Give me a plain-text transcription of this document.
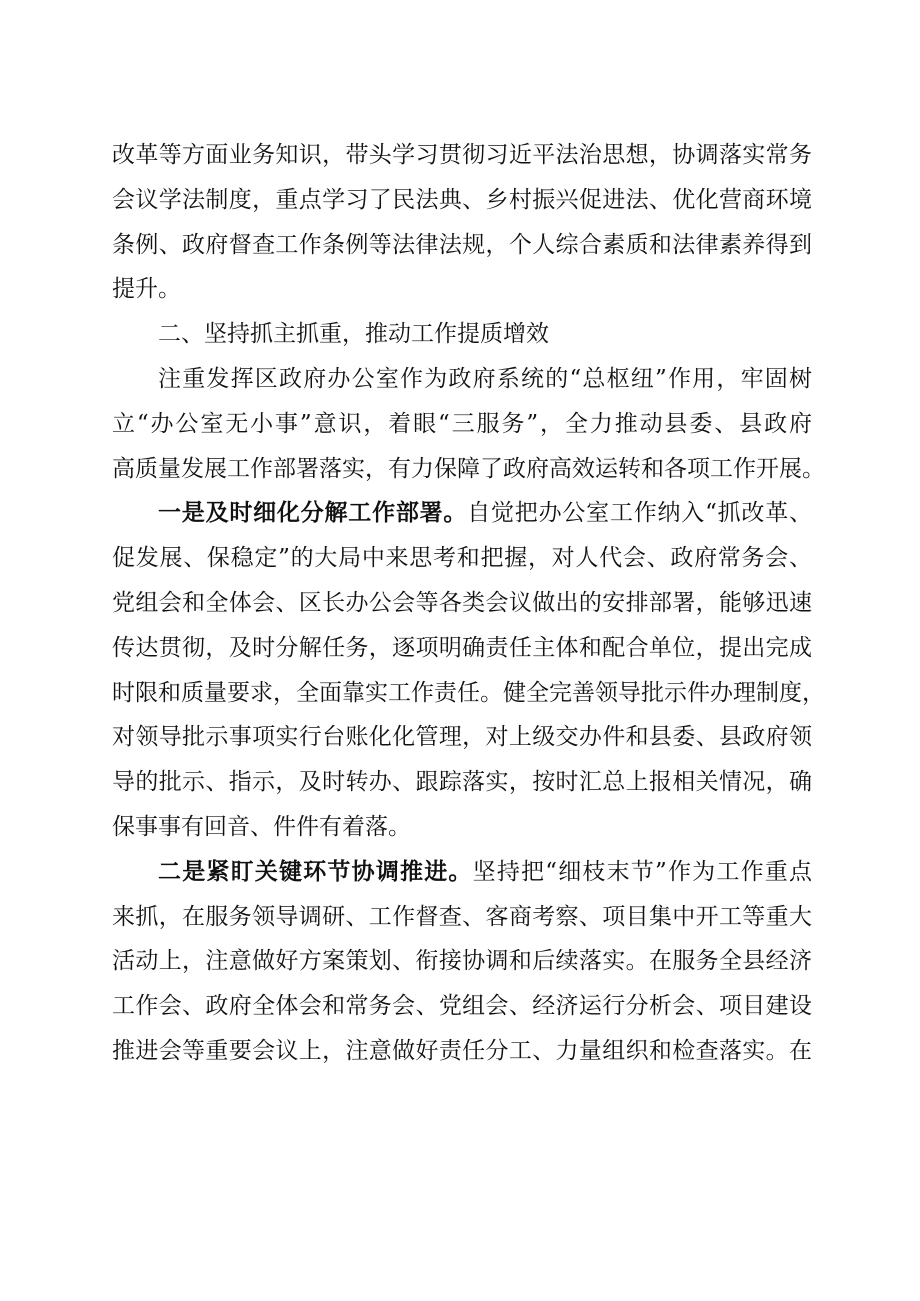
改革等方面业务知识，带头学习贯彻习近平法治思想，协调落实常务
会议学法制度，重点学习了民法典、乡村振兴促进法、优化营商环境
条例、政府督查工作条例等法律法规，个人综合素质和法律素养得到
提升。
二、坚持抓主抓重，推动工作提质增效
注重发挥区政府办公室作为政府系统的“总枢纽”作用，牢固树
立“办公室无小事”意识，着眼“三服务”，全力推动县委、县政府
高质量发展工作部署落实，有力保障了政府高效运转和各项工作开展。
一是及时细化分解工作部署。自觉把办公室工作纳入“抓改革、
促发展、保稳定”的大局中来思考和把握，对人代会、政府常务会、
党组会和全体会、区长办公会等各类会议做出的安排部署，能够迅速
传达贯彻，及时分解任务，逐项明确责任主体和配合单位，提出完成
时限和质量要求，全面靠实工作责任。健全完善领导批示件办理制度，
对领导批示事项实行台账化化管理，对上级交办件和县委、县政府领
导的批示、指示，及时转办、跟踪落实，按时汇总上报相关情况，确
保事事有回音、件件有着落。
二是紧盯关键环节协调推进。坚持把“细枝末节”作为工作重点
来抓，在服务领导调研、工作督查、客商考察、项目集中开工等重大
活动上，注意做好方案策划、衔接协调和后续落实。在服务全县经济
工作会、政府全体会和常务会、党组会、经济运行分析会、项目建设
推进会等重要会议上，注意做好责任分工、力量组织和检查落实。在
